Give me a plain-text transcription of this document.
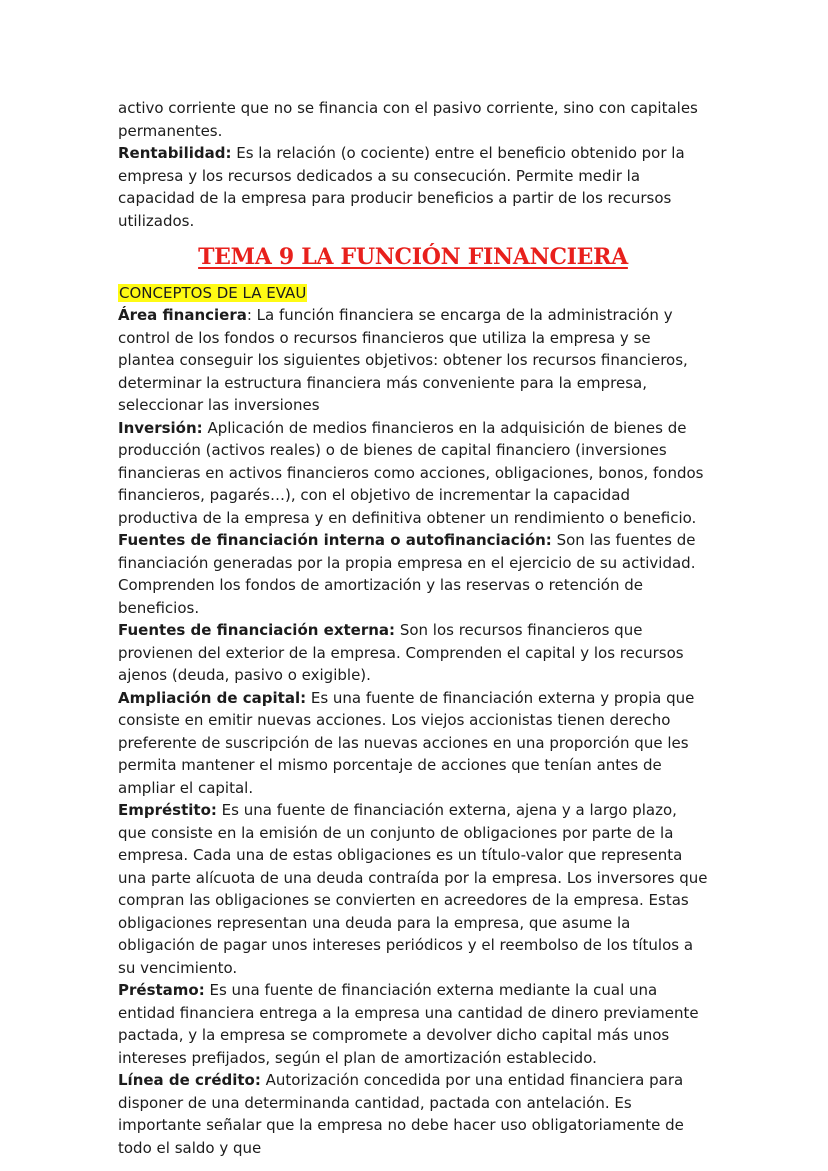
activo corriente que no se financia con el pasivo corriente, sino con capitales permanentes.

Rentabilidad: Es la relación (o cociente) entre el beneficio obtenido por la empresa y los recursos dedicados a su consecución. Permite medir la capacidad de la empresa para producir beneficios a partir de los recursos utilizados.

TEMA 9 LA FUNCIÓN FINANCIERA

CONCEPTOS DE LA EVAU

Área financiera: La función financiera se encarga de la administración y control de los fondos o recursos financieros que utiliza la empresa y se plantea conseguir los siguientes objetivos: obtener los recursos financieros, determinar la estructura financiera más conveniente para la empresa, seleccionar las inversiones

Inversión: Aplicación de medios financieros en la adquisición de bienes de producción (activos reales) o de bienes de capital financiero (inversiones financieras en activos financieros como acciones, obligaciones, bonos, fondos financieros, pagarés…), con el objetivo de incrementar la capacidad productiva de la empresa y en definitiva obtener un rendimiento o beneficio.

Fuentes de financiación interna o autofinanciación: Son las fuentes de financiación generadas por la propia empresa en el ejercicio de su actividad. Comprenden los fondos de amortización y las reservas o retención de beneficios.

Fuentes de financiación externa: Son los recursos financieros que provienen del exterior de la empresa. Comprenden el capital y los recursos ajenos (deuda, pasivo o exigible).

Ampliación de capital: Es una fuente de financiación externa y propia que consiste en emitir nuevas acciones. Los viejos accionistas tienen derecho preferente de suscripción de las nuevas acciones en una proporción que les permita mantener el mismo porcentaje de acciones que tenían antes de ampliar el capital.

Empréstito: Es una fuente de financiación externa, ajena y a largo plazo, que consiste en la emisión de un conjunto de obligaciones por parte de la empresa. Cada una de estas obligaciones es un título-valor que representa una parte alícuota de una deuda contraída por la empresa. Los inversores que compran las obligaciones se convierten en acreedores de la empresa. Estas obligaciones representan una deuda para la empresa, que asume la obligación de pagar unos intereses periódicos y el reembolso de los títulos a su vencimiento.

Préstamo: Es una fuente de financiación externa mediante la cual una entidad financiera entrega a la empresa una cantidad de dinero previamente pactada, y la empresa se compromete a devolver dicho capital más unos intereses prefijados, según el plan de amortización establecido.

Línea de crédito: Autorización concedida por una entidad financiera para disponer de una determinanda cantidad, pactada con antelación. Es importante señalar que la empresa no debe hacer uso obligatoriamente de todo el saldo y que
